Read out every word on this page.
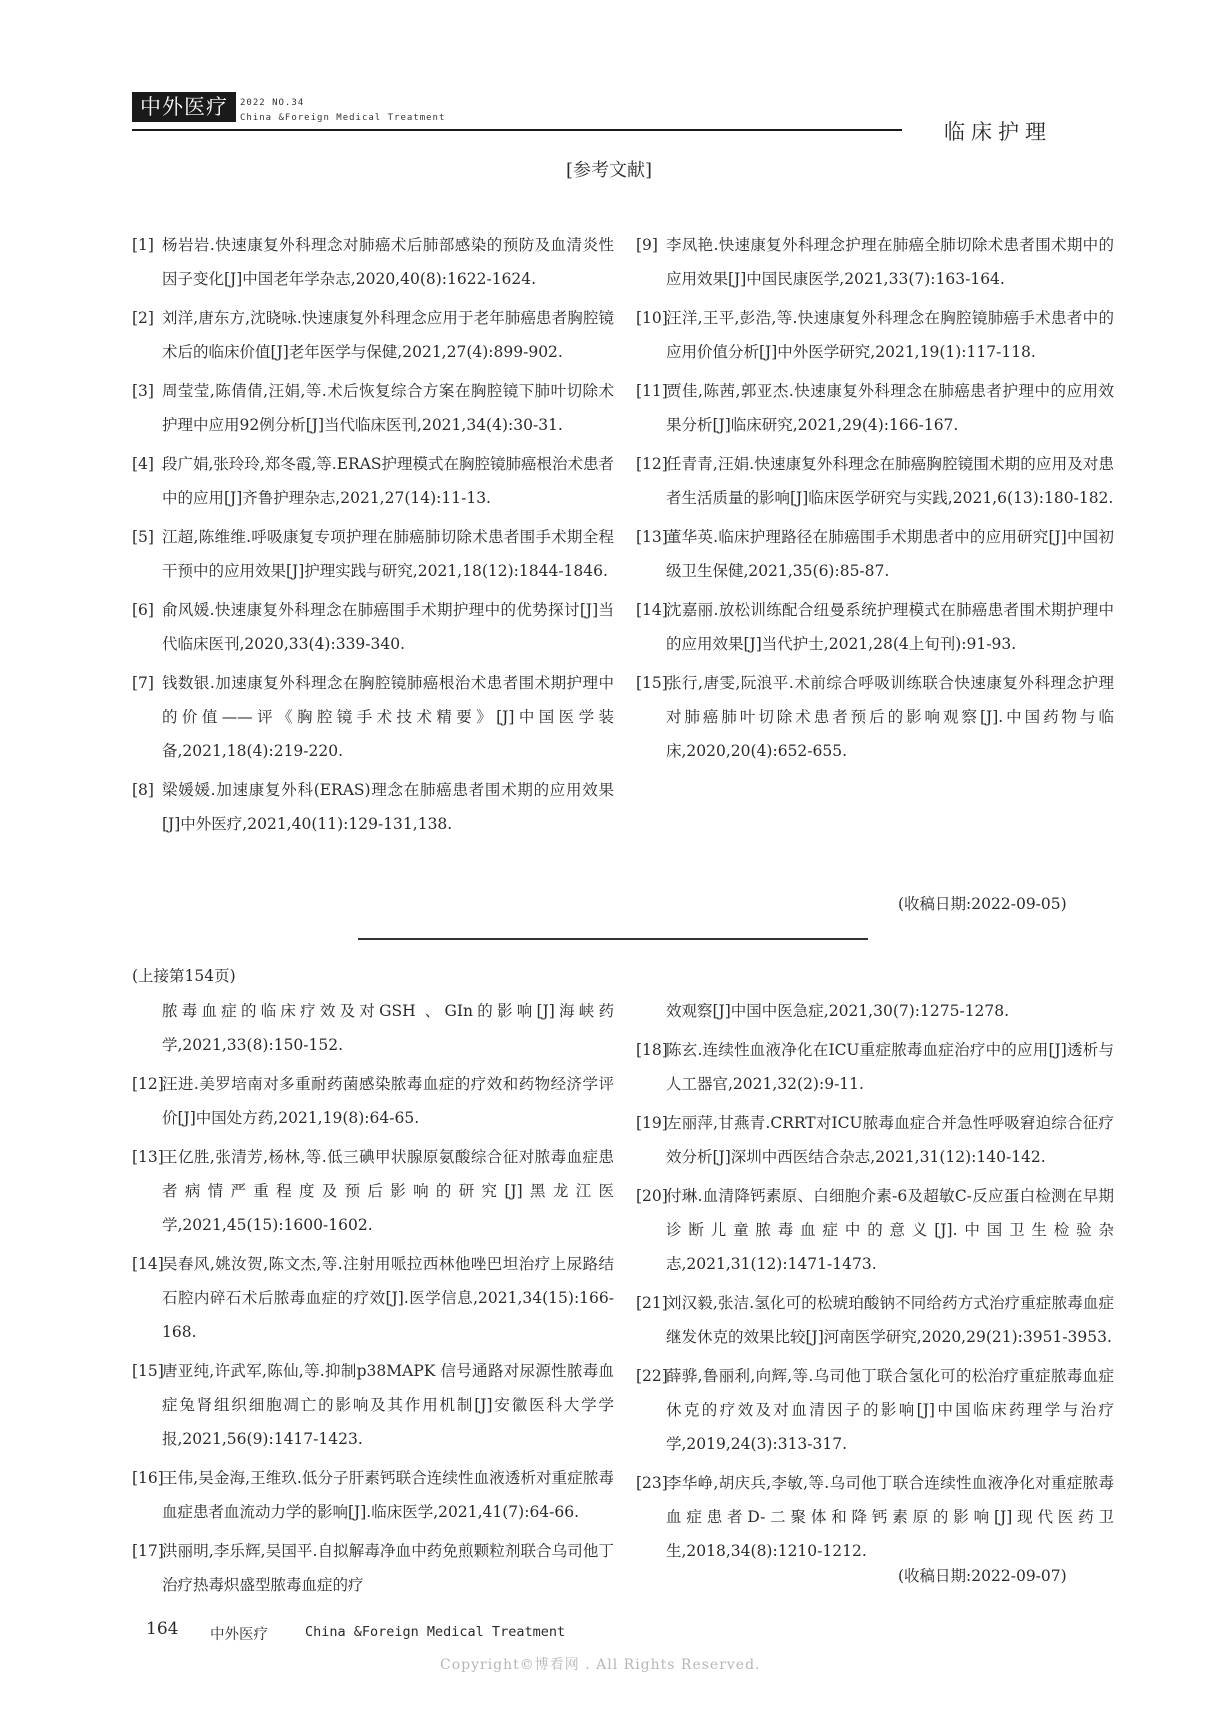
中外医疗	2022 NO.34
China &Foreign Medical Treatment
临床护理
[参考文献]
[1] 杨岩岩.快速康复外科理念对肺癌术后肺部感染的预防及血清炎性因子变化[J]中国老年学杂志,2020,40(8):1622-1624.
[2] 刘洋,唐东方,沈晓咏.快速康复外科理念应用于老年肺癌患者胸腔镜术后的临床价值[J]老年医学与保健,2021,27(4):899-902.
[3] 周莹莹,陈倩倩,汪娟,等.术后恢复综合方案在胸腔镜下肺叶切除术护理中应用92例分析[J]当代临床医刊,2021,34(4):30-31.
[4] 段广娟,张玲玲,郑冬霞,等.ERAS护理模式在胸腔镜肺癌根治术患者中的应用[J]齐鲁护理杂志,2021,27(14):11-13.
[5] 江超,陈维维.呼吸康复专项护理在肺癌肺切除术患者围手术期全程干预中的应用效果[J]护理实践与研究,2021,18(12):1844-1846.
[6] 俞风媛.快速康复外科理念在肺癌围手术期护理中的优势探讨[J]当代临床医刊,2020,33(4):339-340.
[7] 钱数银.加速康复外科理念在胸腔镜肺癌根治术患者围术期护理中的价值——评《胸腔镜手术技术精要》[J]中国医学装备,2021,18(4):219-220.
[8] 梁媛媛.加速康复外科(ERAS)理念在肺癌患者围术期的应用效果[J]中外医疗,2021,40(11):129-131,138.
[9] 李凤艳.快速康复外科理念护理在肺癌全肺切除术患者围术期中的应用效果[J]中国民康医学,2021,33(7):163-164.
[10]
汪洋,王平,彭浩,等.快速康复外科理念在胸腔镜肺癌手术患者中的应用价值分析[J]中外医学研究,2021,19(1):117-118.
[11]
贾佳,陈茜,郭亚杰.快速康复外科理念在肺癌患者护理中的应用效果分析[J]临床研究,2021,29(4):166-167.
[12]
任青青,汪娟.快速康复外科理念在肺癌胸腔镜围术期的应用及对患者生活质量的影响[J]临床医学研究与实践,2021,6(13):180-182.
[13]
董华英.临床护理路径在肺癌围手术期患者中的应用研究[J]中国初级卫生保健,2021,35(6):85-87.
[14]
沈嘉丽.放松训练配合纽曼系统护理模式在肺癌患者围术期护理中的应用效果[J]当代护士,2021,28(4上旬刊):91-93.
[15]
张行,唐雯,阮浪平.术前综合呼吸训练联合快速康复外科理念护理对肺癌肺叶切除术患者预后的影响观察[J].中国药物与临床,2020,20(4):652-655.
(收稿日期:2022-09-05)
(上接第154页)
脓毒血症的临床疗效及对GSH 、GIn的影响[J]海峡药学,2021,33(8):150-152.
[12]
汪进.美罗培南对多重耐药菌感染脓毒血症的疗效和药物经济学评价[J]中国处方药,2021,19(8):64-65.
[13]
王亿胜,张清芳,杨林,等.低三碘甲状腺原氨酸综合征对脓毒血症患者病情严重程度及预后影响的研究[J]黑龙江医学,2021,45(15):1600-1602.
[14]
吴春风,姚汝贺,陈文杰,等.注射用哌拉西林他唑巴坦治疗上尿路结石腔内碎石术后脓毒血症的疗效[J].医学信息,2021,34(15):166-168.
[15]
唐亚纯,许武军,陈仙,等.抑制p38MAPK 信号通路对尿源性脓毒血症兔肾组织细胞凋亡的影响及其作用机制[J]安徽医科大学学报,2021,56(9):1417-1423.
[16]
王伟,吴金海,王维玖.低分子肝素钙联合连续性血液透析对重症脓毒血症患者血流动力学的影响[J].临床医学,2021,41(7):64-66.
[17]
洪丽明,李乐辉,吴国平.自拟解毒净血中药免煎颗粒剂联合乌司他丁治疗热毒炽盛型脓毒血症的疗
效观察[J]中国中医急症,2021,30(7):1275-1278.
[18]
陈玄.连续性血液净化在ICU重症脓毒血症治疗中的应用[J]透析与人工器官,2021,32(2):9-11.
[19]
左丽萍,甘燕青.CRRT对ICU脓毒血症合并急性呼吸窘迫综合征疗效分析[J]深圳中西医结合杂志,2021,31(12):140-142.
[20]
付琳.血清降钙素原、白细胞介素-6及超敏C-反应蛋白检测在早期诊断儿童脓毒血症中的意义[J].中国卫生检验杂志,2021,31(12):1471-1473.
[21]
刘汉毅,张洁.氢化可的松琥珀酸钠不同给药方式治疗重症脓毒血症继发休克的效果比较[J]河南医学研究,2020,29(21):3951-3953.
[22]
薛骅,鲁丽利,向辉,等.乌司他丁联合氢化可的松治疗重症脓毒血症休克的疗效及对血清因子的影响[J]中国临床药理学与治疗学,2019,24(3):313-317.
[23]
李华峥,胡庆兵,李敏,等.乌司他丁联合连续性血液净化对重症脓毒血症患者D-二聚体和降钙素原的影响[J]现代医药卫生,2018,34(8):1210-1212.
(收稿日期:2022-09-07)
164 中外医疗	China &Foreign Medical Treatment
Copyright©博看网 . All Rights Reserved.
